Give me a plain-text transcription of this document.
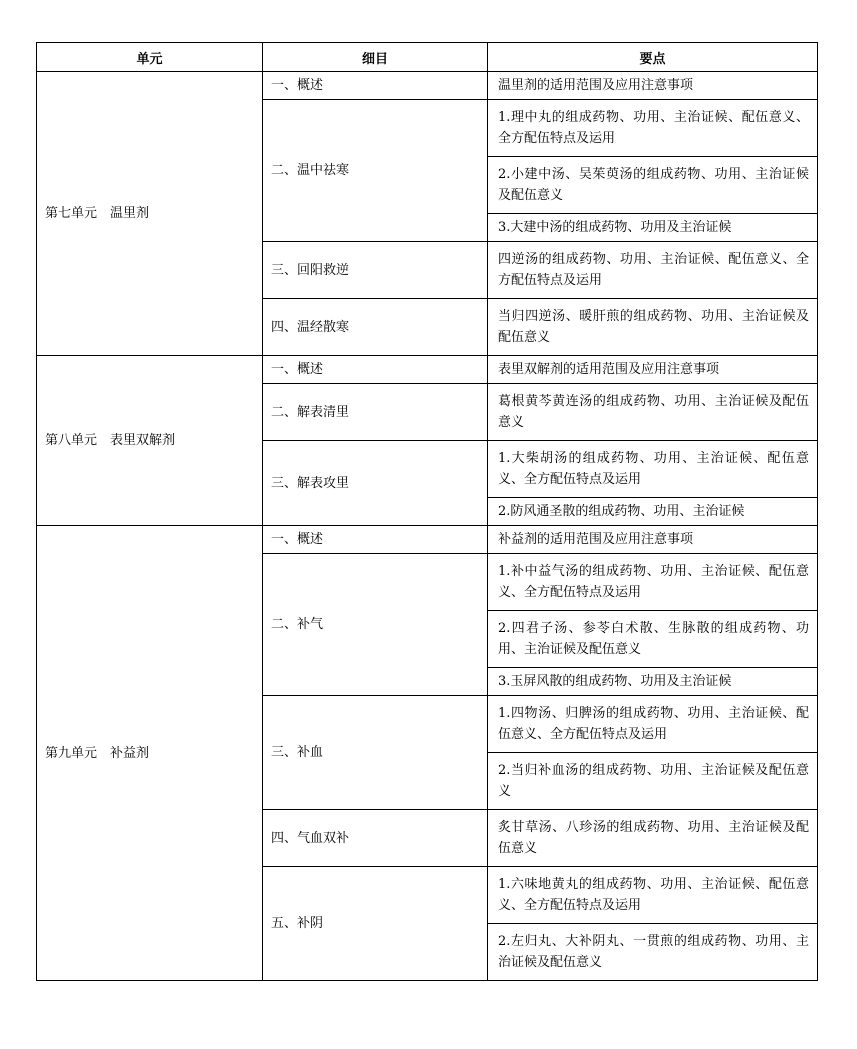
单元	细目	要点
第七单元　温里剂	一、概述	温里剂的适用范围及应用注意事项
	二、温中祛寒	1.理中丸的组成药物、功用、主治证候、配伍意义、全方配伍特点及运用
		2.小建中汤、吴茱萸汤的组成药物、功用、主治证候及配伍意义
		3.大建中汤的组成药物、功用及主治证候
	三、回阳救逆	四逆汤的组成药物、功用、主治证候、配伍意义、全方配伍特点及运用
	四、温经散寒	当归四逆汤、暖肝煎的组成药物、功用、主治证候及配伍意义
第八单元　表里双解剂	一、概述	表里双解剂的适用范围及应用注意事项
	二、解表清里	葛根黄芩黄连汤的组成药物、功用、主治证候及配伍意义
	三、解表攻里	1.大柴胡汤的组成药物、功用、主治证候、配伍意义、全方配伍特点及运用
		2.防风通圣散的组成药物、功用、主治证候
第九单元　补益剂	一、概述	补益剂的适用范围及应用注意事项
	二、补气	1.补中益气汤的组成药物、功用、主治证候、配伍意义、全方配伍特点及运用
		2.四君子汤、参苓白术散、生脉散的组成药物、功用、主治证候及配伍意义
		3.玉屏风散的组成药物、功用及主治证候
	三、补血	1.四物汤、归脾汤的组成药物、功用、主治证候、配伍意义、全方配伍特点及运用
		2.当归补血汤的组成药物、功用、主治证候及配伍意义
	四、气血双补	炙甘草汤、八珍汤的组成药物、功用、主治证候及配伍意义
	五、补阴	1.六味地黄丸的组成药物、功用、主治证候、配伍意义、全方配伍特点及运用
		2.左归丸、大补阴丸、一贯煎的组成药物、功用、主治证候及配伍意义
